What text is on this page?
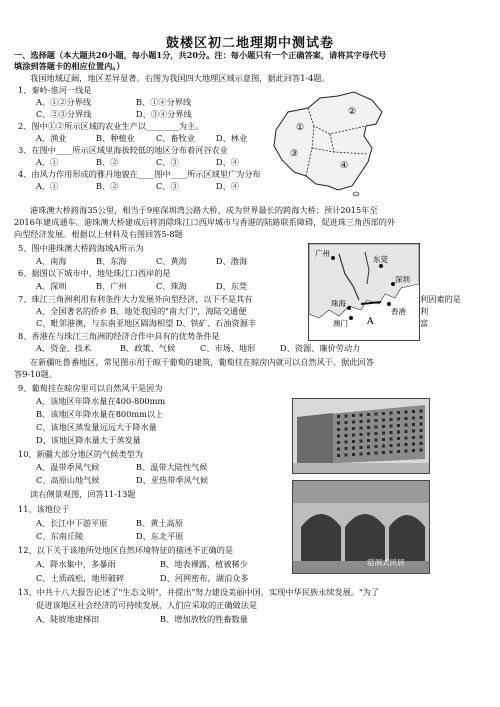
鼓楼区初二地理期中测试卷
一、选择题（本大题共20小题，每小题1分，共20分。注：每小题只有一个正确答案，请将其字母代号
填涂到答题卡的相应位置内。）
我国地域辽阔，地区差异显著。右图为我国四大地理区域示意图，据此回答1-4题。
1、秦岭-淮河一线是
A、①②分界线	B、①④分界线
C、②③分界线	D、③④分界线
2、图中①②所示区域的农业生产以________为主。
A、渔业	B、种植业	C、畜牧业	D、林业
3、在图中____所示区域里海拔较低的地区分布着河谷农业
A、①	B、②	C、③	D、④
4、由风力作用形成的雅丹地貌在____图中____所示区域里广为分布
A、①	B、②	C、③	D、④
①
②
③
④
港珠澳大桥跨海35公里，相当于9座深圳湾公路大桥，成为世界最长的跨海大桥；预计2015年至
2016年建成通车。港珠澳大桥建成后将消除珠江口西岸城市与香港的陆路联系障碍，促进珠三角西部的外
向型经济发展。根据以上材料及右图回答5-8题
5、图中港珠澳大桥跨海域A所示为
A、南海	B、东海	C、黄海	D、渤海
6、据图以下城市中，地处珠江口西岸的是
A、深圳	B、广州	C、珠海	D、东莞
7、珠江三角洲利用有利条件大力发展外向型经济，以下不是其有	利因素的是
A、全国著名的侨乡 B、地处我国的"南大门"，海陆交通便	利
C、毗邻港澳，与东南亚地区隔海相望 D、铁矿、石油资源丰	富
广州
东莞
深圳
珠海
澳门
香港
A
8、香港在与珠江三角洲的经济合作中具有的优势条件是
A、资金、技术	B、政策、气候	C、市场、地形	D、资源、廉价劳动力
在新疆吐鲁番地区，常见图示用于晾干葡萄的建筑，葡萄挂在晾房内就可以自然风干。据此回答
答9-10题。
9、葡萄挂在晾房里可以自然风干是因为
A、该地区年降水量在400-800mm
B、该地区年降水量在800mm以上
C、该地区蒸发量远远大于降水量
D、该地区降水量大于蒸发量
10、新疆大部分地区的气候类型为
A、温带季风气候	B、温带大陆性气候
C、高原山地气候	D、亚热带季风气候
读右侧景观图，回答11-13题
11、该地位于
A、长江中下游平原	B、黄土高原
C、东南丘陵	D、东北平原
窑洞式民居
12、以下关于该地所处地区自然环境特征的描述不正确的是
A、降水集中，多暴雨	B、地表裸露，植被稀少
C、土质疏松，地形破碎	D、河网密布，湖泊众多
13、中共十八大报告论述了"生态文明"，并提出"努力建设美丽中国，实现中华民族永续发展。"为了
促进该地区社会经济的可持续发展，人们应采取的正确做法是
A、陡坡地建梯田	B、增加放牧的牲畜数量
